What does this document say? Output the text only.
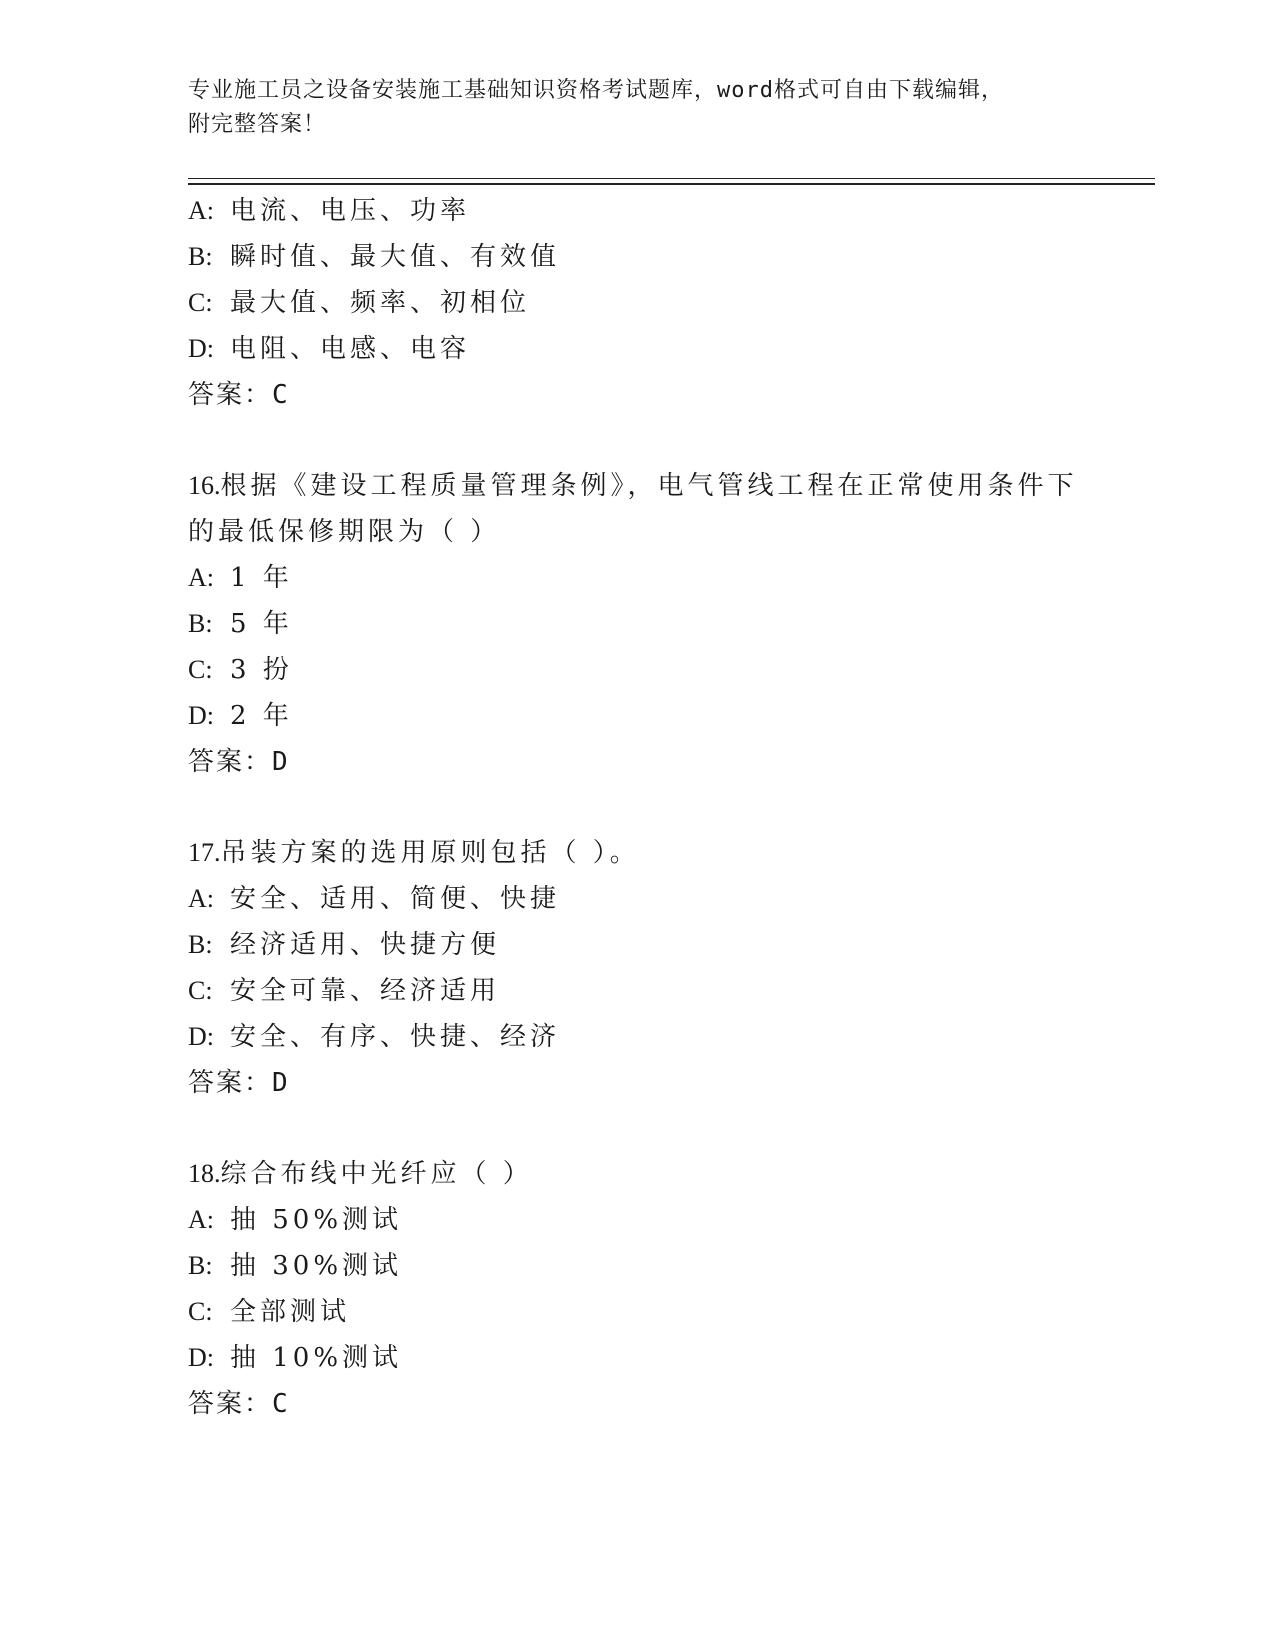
专业施工员之设备安装施工基础知识资格考试题库，word格式可自由下载编辑，
附完整答案！
A: 电流、电压、功率
B: 瞬时值、最大值、有效值
C: 最大值、频率、初相位
D: 电阻、电感、电容
答案：C
16.根据《建设工程质量管理条例》，电气管线工程在正常使用条件下
的最低保修期限为（ ）
A: 1 年
B: 5 年
C: 3 扮
D: 2 年
答案：D
17.吊装方案的选用原则包括（ ）。
A: 安全、适用、简便、快捷
B: 经济适用、快捷方便
C: 安全可靠、经济适用
D: 安全、有序、快捷、经济
答案：D
18.综合布线中光纤应（ ）
A: 抽 50%测试
B: 抽 30%测试
C: 全部测试
D: 抽 10%测试
答案：C
